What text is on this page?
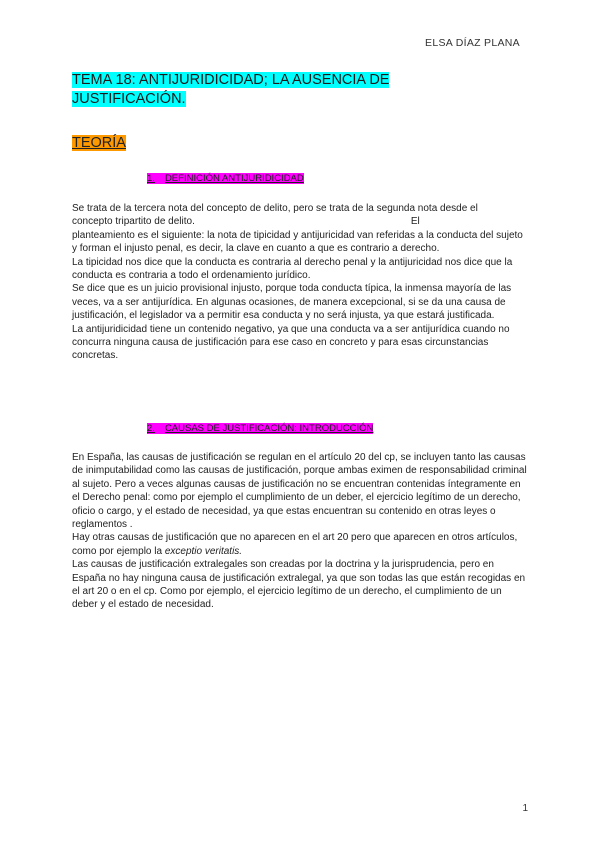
ELSA DÍAZ PLANA
TEMA 18: ANTIJURIDICIDAD; LA AUSENCIA DE JUSTIFICACIÓN.
TEORÍA
1. DEFINICIÓN ANTIJURIDICIDAD

Se trata de la tercera nota del concepto de delito, pero se trata de la segunda nota desde el

concepto tripartito de delito.	El

planteamiento es el siguiente: la nota de tipicidad y antijuricidad van referidas a la conducta del sujeto y forman el injusto penal, es decir, la clave en cuanto a que es contrario a derecho.

La tipicidad nos dice que la conducta es contraria al derecho penal y la antijuricidad nos dice que la conducta es contraria a todo el ordenamiento jurídico.

Se dice que es un juicio provisional injusto, porque toda conducta típica, la inmensa mayoría de las veces, va a ser antijurídica. En algunas ocasiones, de manera excepcional, si se da una causa de justificación, el legislador va a permitir esa conducta y no será injusta, ya que estará justificada.

La antijuridicidad tiene un contenido negativo, ya que una conducta va a ser antijurídica cuando no concurra ninguna causa de justificación para ese caso en concreto y para esas circunstancias concretas.

2. CAUSAS DE JUSTIFICACIÓN: INTRODUCCIÓN

En España, las causas de justificación se regulan en el artículo 20 del cp, se incluyen tanto las causas de inimputabilidad como las causas de justificación, porque ambas eximen de responsabilidad criminal al sujeto. Pero a veces algunas causas de justificación no se encuentran contenidas íntegramente en el Derecho penal: como por ejemplo el cumplimiento de un deber, el ejercicio legítimo de un derecho, oficio o cargo, y el estado de necesidad, ya que estas encuentran su contenido en otras leyes o reglamentos .

Hay otras causas de justificación que no aparecen en el art 20 pero que aparecen en otros artículos, como por ejemplo la exceptio veritatis.

Las causas de justificación extralegales son creadas por la doctrina y la jurisprudencia, pero en España no hay ninguna causa de justificación extralegal, ya que son todas las que están recogidas en el art 20 o en el cp. Como por ejemplo, el ejercicio legítimo de un derecho, el cumplimiento de un deber y el estado de necesidad.

1
